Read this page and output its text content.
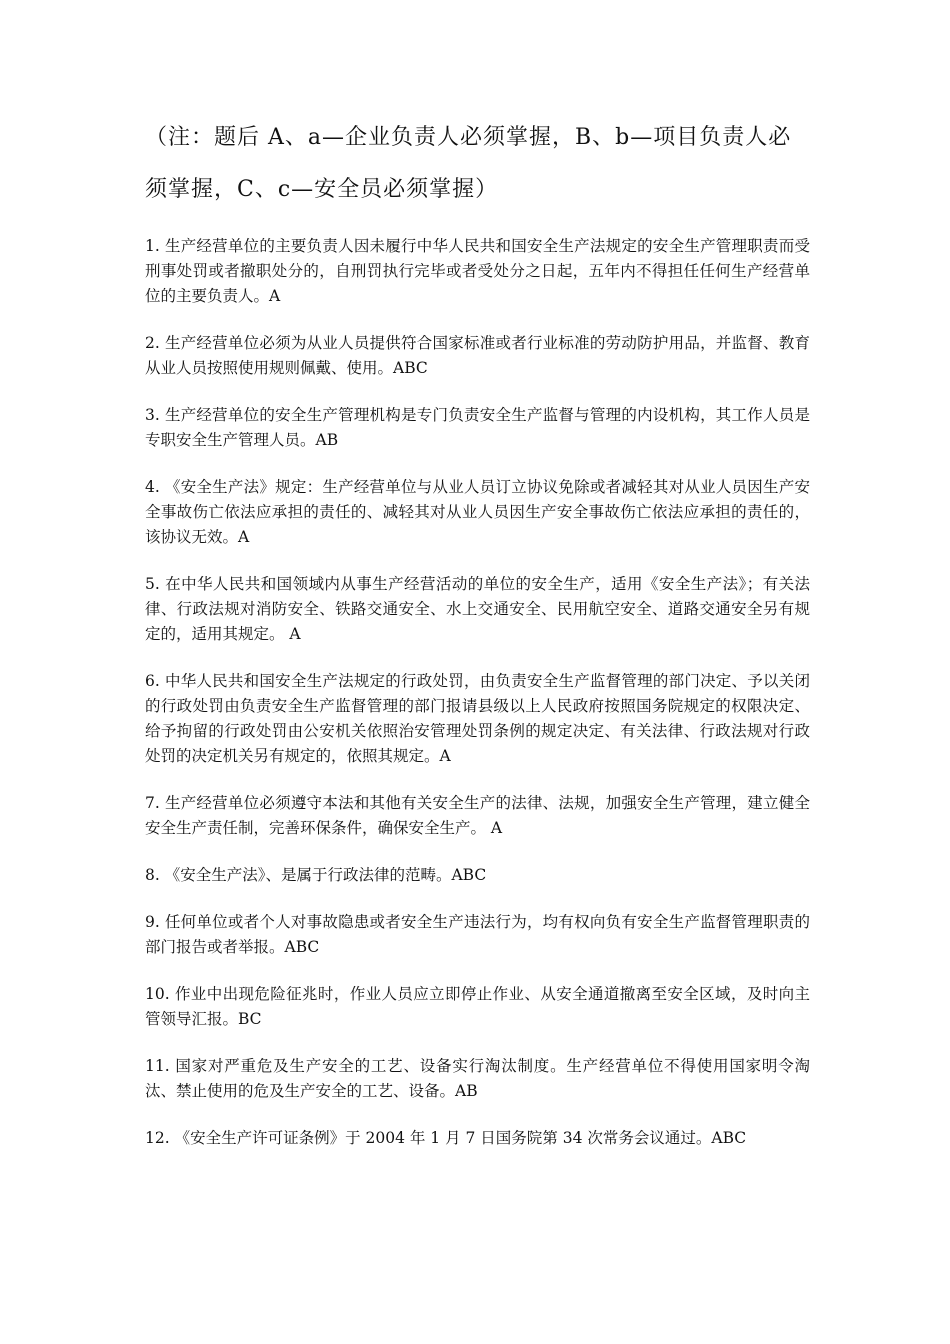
（注：题后 A、a—企业负责人必须掌握，B、b—项目负责人必须掌握，C、c—安全员必须掌握）
1. 生产经营单位的主要负责人因未履行中华人民共和国安全生产法规定的安全生产管理职责而受刑事处罚或者撤职处分的，自刑罚执行完毕或者受处分之日起，五年内不得担任任何生产经营单位的主要负责人。A
2. 生产经营单位必须为从业人员提供符合国家标准或者行业标准的劳动防护用品，并监督、教育从业人员按照使用规则佩戴、使用。ABC
3. 生产经营单位的安全生产管理机构是专门负责安全生产监督与管理的内设机构，其工作人员是专职安全生产管理人员。AB
4. 《安全生产法》规定：生产经营单位与从业人员订立协议免除或者减轻其对从业人员因生产安全事故伤亡依法应承担的责任的、减轻其对从业人员因生产安全事故伤亡依法应承担的责任的，该协议无效。A
5. 在中华人民共和国领域内从事生产经营活动的单位的安全生产，适用《安全生产法》；有关法律、行政法规对消防安全、铁路交通安全、水上交通安全、民用航空安全、道路交通安全另有规定的，适用其规定。 A
6. 中华人民共和国安全生产法规定的行政处罚，由负责安全生产监督管理的部门决定、予以关闭的行政处罚由负责安全生产监督管理的部门报请县级以上人民政府按照国务院规定的权限决定、给予拘留的行政处罚由公安机关依照治安管理处罚条例的规定决定、有关法律、行政法规对行政处罚的决定机关另有规定的，依照其规定。A
7. 生产经营单位必须遵守本法和其他有关安全生产的法律、法规，加强安全生产管理，建立健全安全生产责任制，完善环保条件，确保安全生产。 A
8. 《安全生产法》、是属于行政法律的范畴。ABC
9. 任何单位或者个人对事故隐患或者安全生产违法行为，均有权向负有安全生产监督管理职责的部门报告或者举报。ABC
10. 作业中出现危险征兆时，作业人员应立即停止作业、从安全通道撤离至安全区域，及时向主管领导汇报。BC
11. 国家对严重危及生产安全的工艺、设备实行淘汰制度。生产经营单位不得使用国家明令淘汰、禁止使用的危及生产安全的工艺、设备。AB
12. 《安全生产许可证条例》于 2004 年 1 月 7 日国务院第 34 次常务会议通过。ABC
